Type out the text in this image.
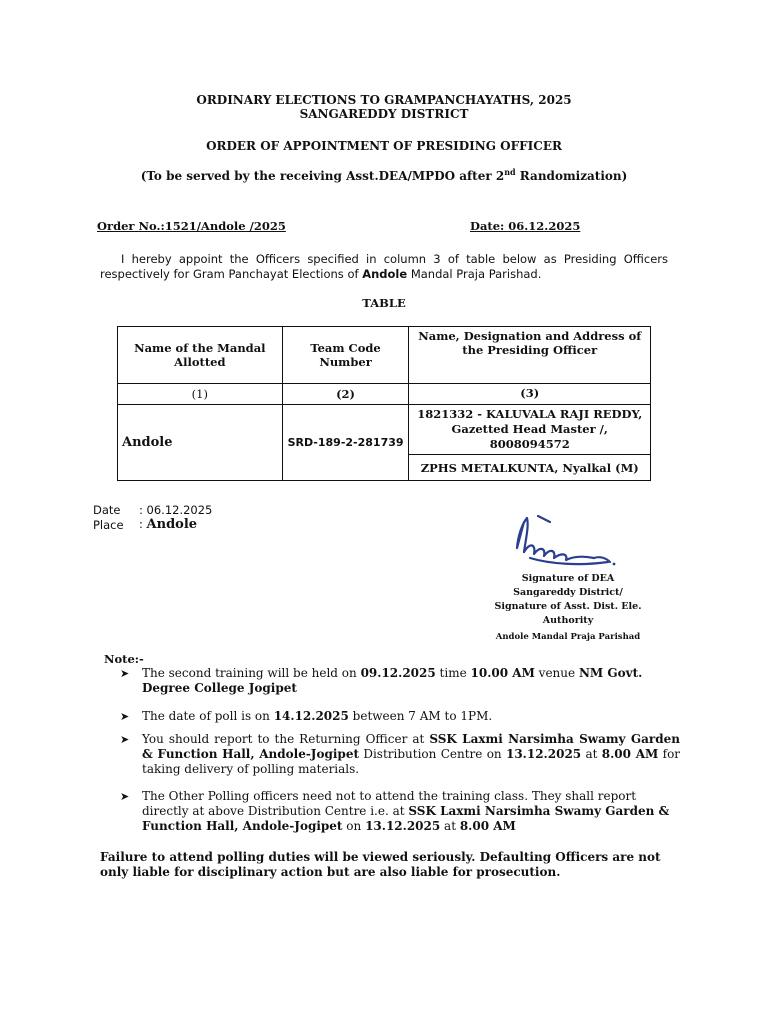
ORDINARY ELECTIONS TO GRAMPANCHAYATHS, 2025
SANGAREDDY DISTRICT
ORDER OF APPOINTMENT OF PRESIDING OFFICER
(To be served by the receiving Asst.DEA/MPDO after 2nd Randomization)
Order No.:1521/Andole /2025	Date: 06.12.2025
I hereby appoint the Officers specified in column 3 of table below as Presiding Officers respectively for Gram Panchayat Elections of Andole Mandal Praja Parishad.
TABLE
Name of the Mandal Allotted	Team Code Number	Name, Designation and Address of the Presiding Officer
(1)	(2)	(3)
Andole	SRD-189-2-281739	1821332 - KALUVALA RAJI REDDY, Gazetted Head Master /, 8008094572
		ZPHS METALKUNTA, Nyalkal (M)
Date : 06.12.2025
Place : Andole
Signature of DEA
Sangareddy District/
Signature of Asst. Dist. Ele. Authority
Andole Mandal Praja Parishad
Note:-
➤ The second training will be held on 09.12.2025 time 10.00 AM venue NM Govt. Degree College Jogipet
➤ The date of poll is on 14.12.2025 between 7 AM to 1PM.
➤ You should report to the Returning Officer at SSK Laxmi Narsimha Swamy Garden & Function Hall, Andole-Jogipet Distribution Centre on 13.12.2025 at 8.00 AM for taking delivery of polling materials.
➤ The Other Polling officers need not to attend the training class. They shall report directly at above Distribution Centre i.e. at SSK Laxmi Narsimha Swamy Garden & Function Hall, Andole-Jogipet on 13.12.2025 at 8.00 AM
Failure to attend polling duties will be viewed seriously. Defaulting Officers are not only liable for disciplinary action but are also liable for prosecution.
